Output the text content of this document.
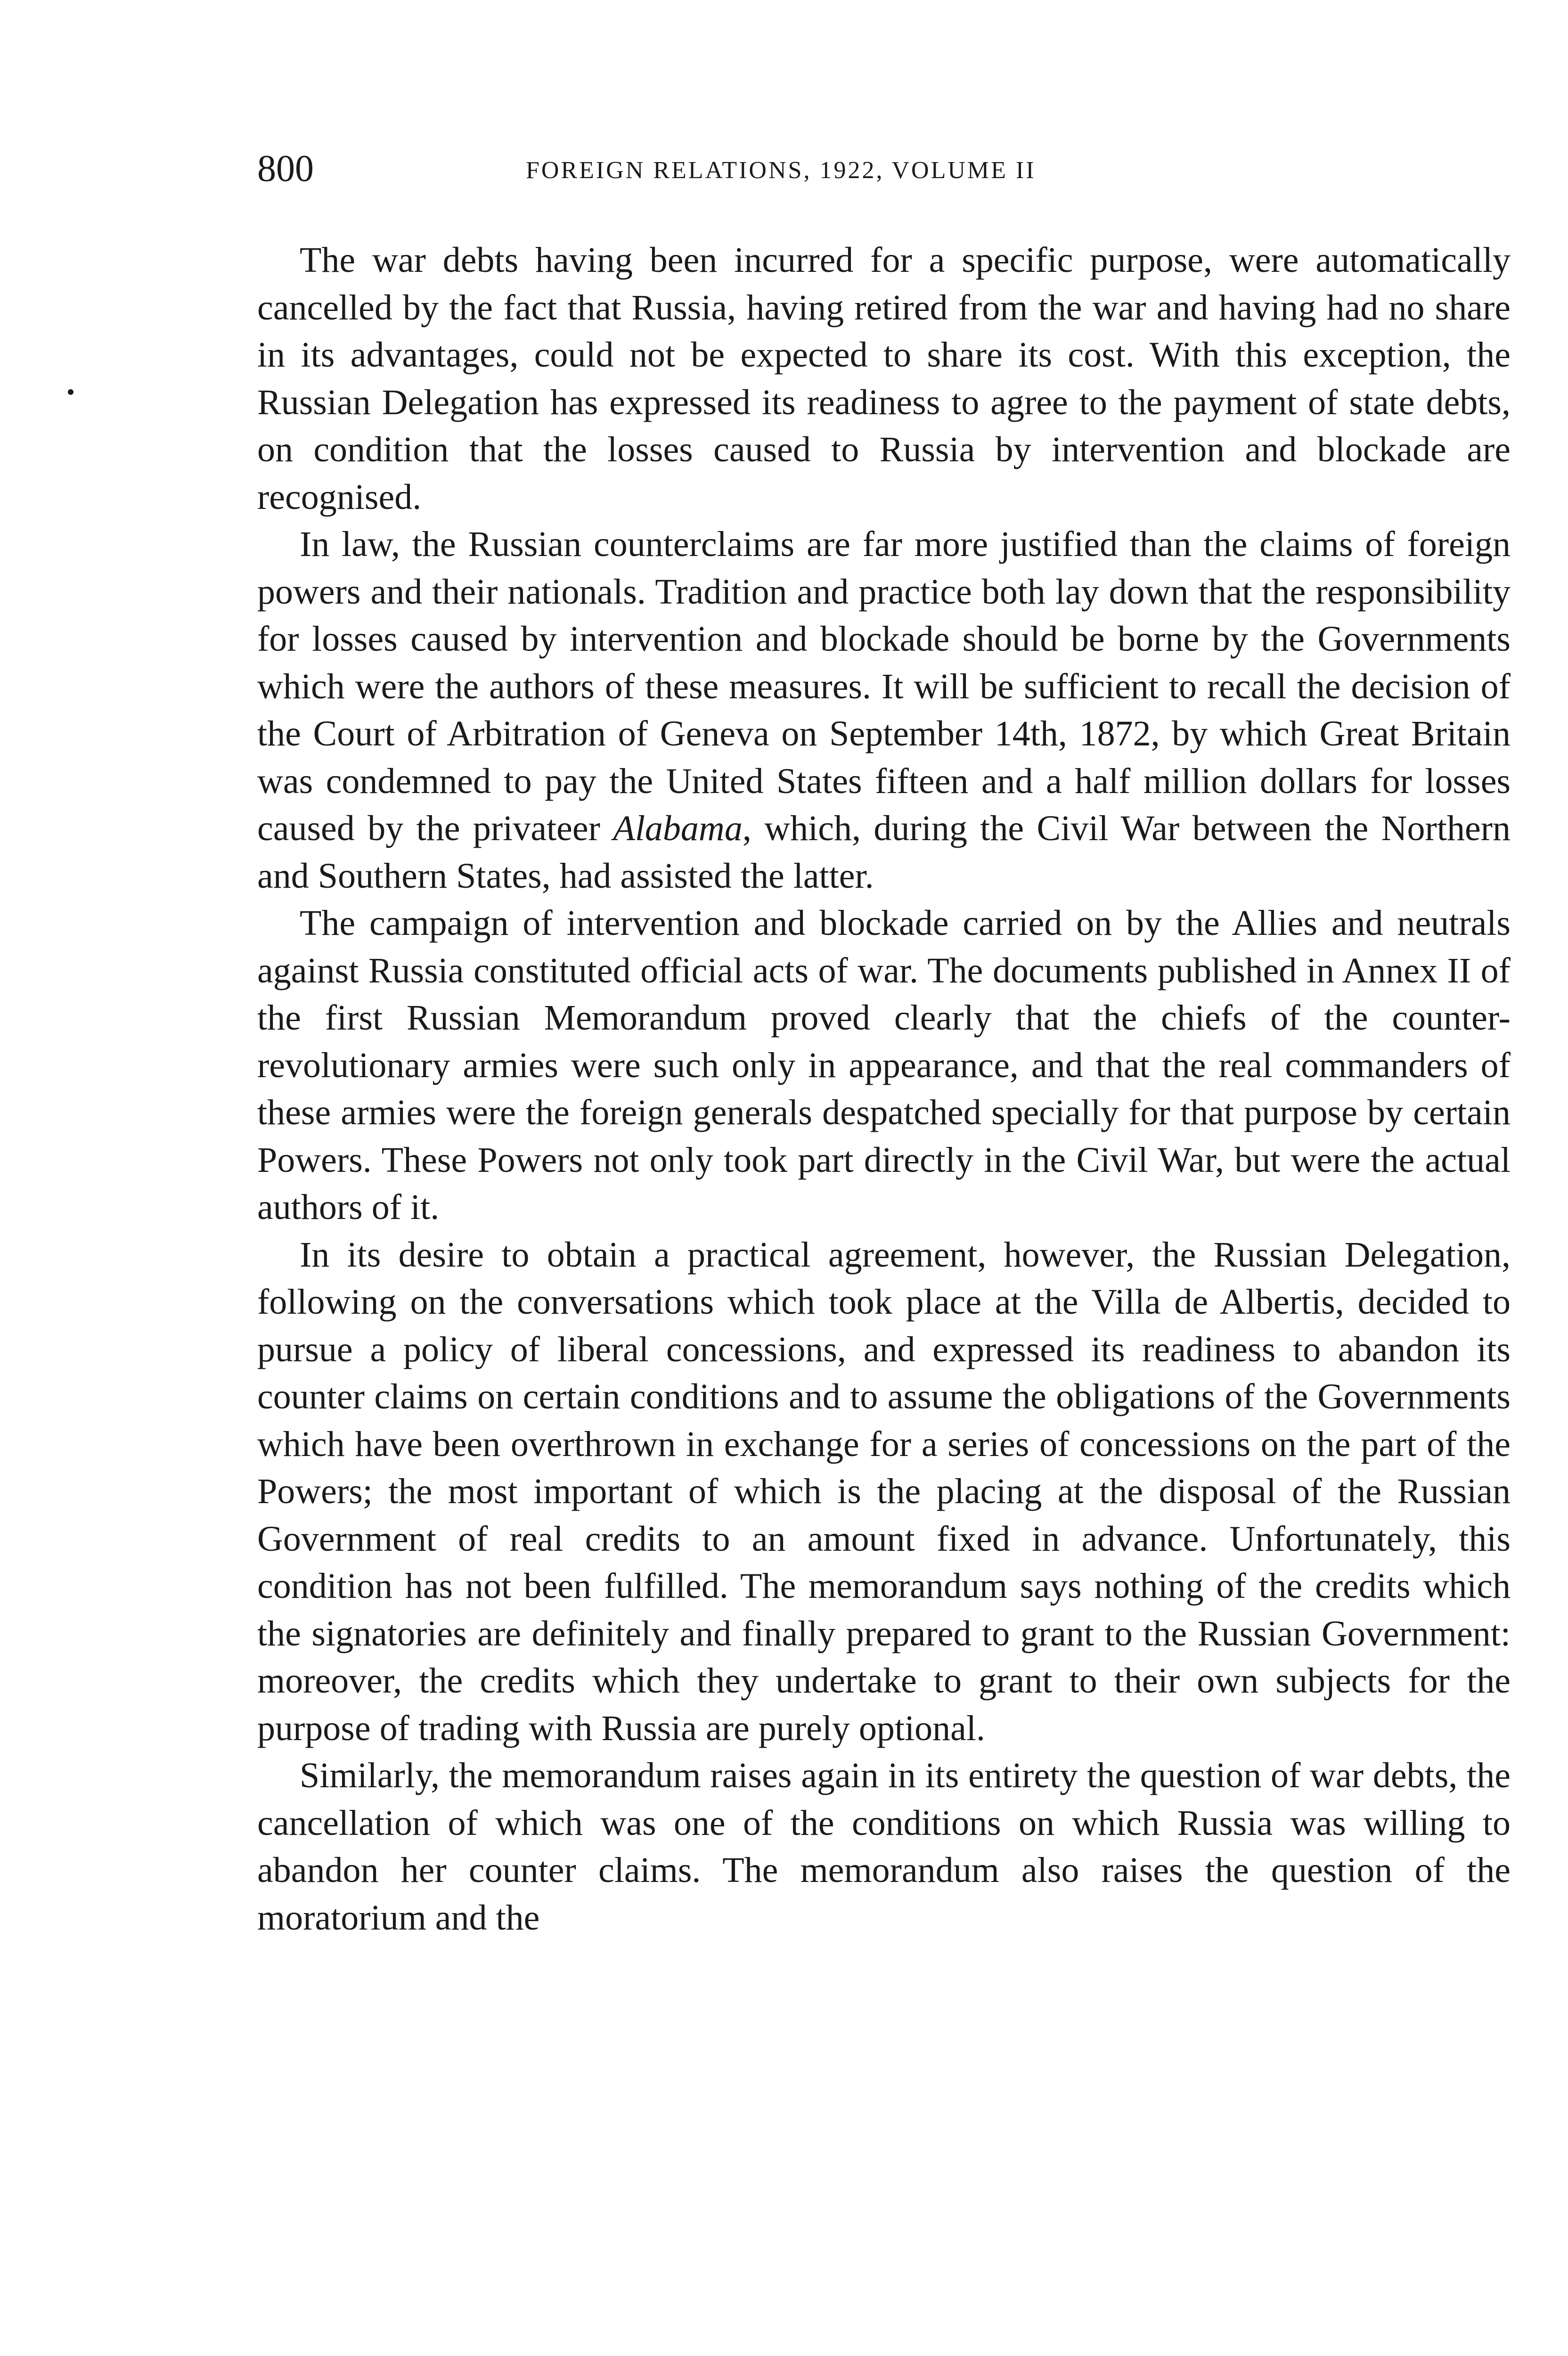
800	FOREIGN RELATIONS, 1922, VOLUME II

The war debts having been incurred for a specific purpose, were automatically cancelled by the fact that Russia, having retired from the war and having had no share in its advantages, could not be expected to share its cost. With this exception, the Russian Delegation has expressed its readiness to agree to the payment of state debts, on condition that the losses caused to Russia by intervention and blockade are recognised.

In law, the Russian counterclaims are far more justified than the claims of foreign powers and their nationals. Tradition and practice both lay down that the responsibility for losses caused by intervention and blockade should be borne by the Governments which were the authors of these measures. It will be sufficient to recall the decision of the Court of Arbitration of Geneva on September 14th, 1872, by which Great Britain was condemned to pay the United States fifteen and a half million dollars for losses caused by the privateer Alabama, which, during the Civil War between the Northern and Southern States, had assisted the latter.

The campaign of intervention and blockade carried on by the Allies and neutrals against Russia constituted official acts of war. The documents published in Annex II of the first Russian Memorandum proved clearly that the chiefs of the counter-revolutionary armies were such only in appearance, and that the real commanders of these armies were the foreign generals despatched specially for that purpose by certain Powers. These Powers not only took part directly in the Civil War, but were the actual authors of it.

In its desire to obtain a practical agreement, however, the Russian Delegation, following on the conversations which took place at the Villa de Albertis, decided to pursue a policy of liberal concessions, and expressed its readiness to abandon its counter claims on certain conditions and to assume the obligations of the Governments which have been overthrown in exchange for a series of concessions on the part of the Powers; the most important of which is the placing at the disposal of the Russian Government of real credits to an amount fixed in advance. Unfortunately, this condition has not been fulfilled. The memorandum says nothing of the credits which the signatories are definitely and finally prepared to grant to the Russian Government: moreover, the credits which they undertake to grant to their own subjects for the purpose of trading with Russia are purely optional.

Similarly, the memorandum raises again in its entirety the question of war debts, the cancellation of which was one of the conditions on which Russia was willing to abandon her counter claims. The memorandum also raises the question of the moratorium and the
